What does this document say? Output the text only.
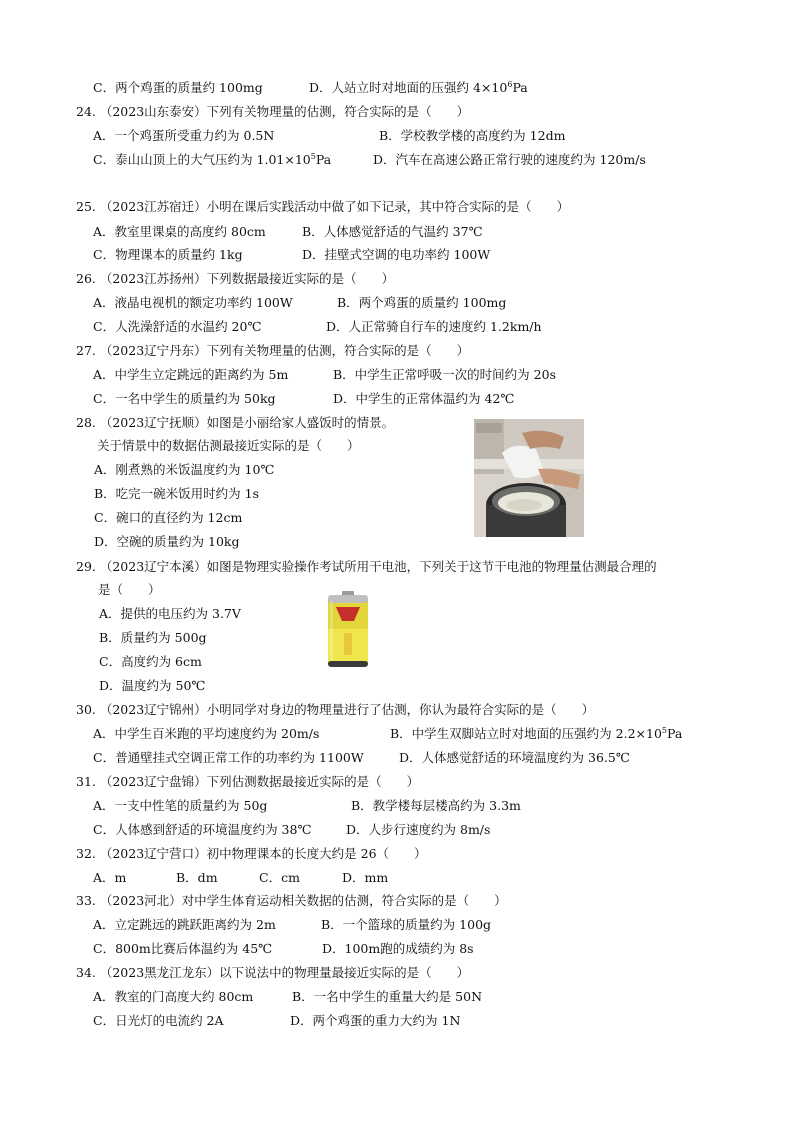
C．两个鸡蛋的质量约 100mg	D．人站立时对地面的压强约 $4\times 10^6Pa$
24. （2023山东泰安）下列有关物理量的估测，符合实际的是（　　）
A．一个鸡蛋所受重力约为 0.5N	B．学校教学楼的高度约为 12dm
C．泰山山顶上的大气压约为 $1.01\times 10^5Pa$	D．汽车在高速公路正常行驶的速度约为 120m/s
25. （2023江苏宿迁）小明在课后实践活动中做了如下记录，其中符合实际的是（　　）
A．教室里课桌的高度约 80cm	B．人体感觉舒适的气温约 37℃
C．物理课本的质量约 1kg	D．挂壁式空调的电功率约 100W
26. （2023江苏扬州）下列数据最接近实际的是（　　）
A．液晶电视机的额定功率约 100W	B．两个鸡蛋的质量约 100mg
C．人洗澡舒适的水温约 20℃	D．人正常骑自行车的速度约 1.2km/h
27. （2023辽宁丹东）下列有关物理量的估测，符合实际的是（　　）
A．中学生立定跳远的距离约为 5m	B．中学生正常呼吸一次的时间约为 20s
C．一名中学生的质量约为 50kg	D．中学生的正常体温约为 42℃
28. （2023辽宁抚顺）如图是小丽给家人盛饭时的情景。
关于情景中的数据估测最接近实际的是（　　）
A．刚煮熟的米饭温度约为 10℃
B．吃完一碗米饭用时约为 1s
C．碗口的直径约为 12cm
D．空碗的质量约为 10kg
29. （2023辽宁本溪）如图是物理实验操作考试所用干电池，下列关于这节干电池的物理量估测最合理的
是（　　）
A．提供的电压约为 3.7V
B．质量约为 500g
C．高度约为 6cm
D．温度约为 50℃
30. （2023辽宁锦州）小明同学对身边的物理量进行了估测，你认为最符合实际的是（　　）
A．中学生百米跑的平均速度约为 20m/s	B．中学生双脚站立时对地面的压强约为 $2.2\times 10^5Pa$
C．普通壁挂式空调正常工作的功率约为 1100W	D．人体感觉舒适的环境温度约为 36.5℃
31. （2023辽宁盘锦）下列估测数据最接近实际的是（　　）
A．一支中性笔的质量约为 50g	B．教学楼每层楼高约为 3.3m
C．人体感到舒适的环境温度约为 38℃	D．人步行速度约为 8m/s
32. （2023辽宁营口）初中物理课本的长度大约是 26（　　）
A．m	B．dm	C．cm	D．mm
33. （2023河北）对中学生体育运动相关数据的估测，符合实际的是（　　）
A．立定跳远的跳跃距离约为 2m	B．一个篮球的质量约为 100g
C．800m比赛后体温约为 45℃	D．100m跑的成绩约为 8s
34. （2023黑龙江龙东）以下说法中的物理量最接近实际的是（　　）
A．教室的门高度大约 80cm	B．一名中学生的重量大约是 50N
C．日光灯的电流约 2A	D．两个鸡蛋的重力大约为 1N
